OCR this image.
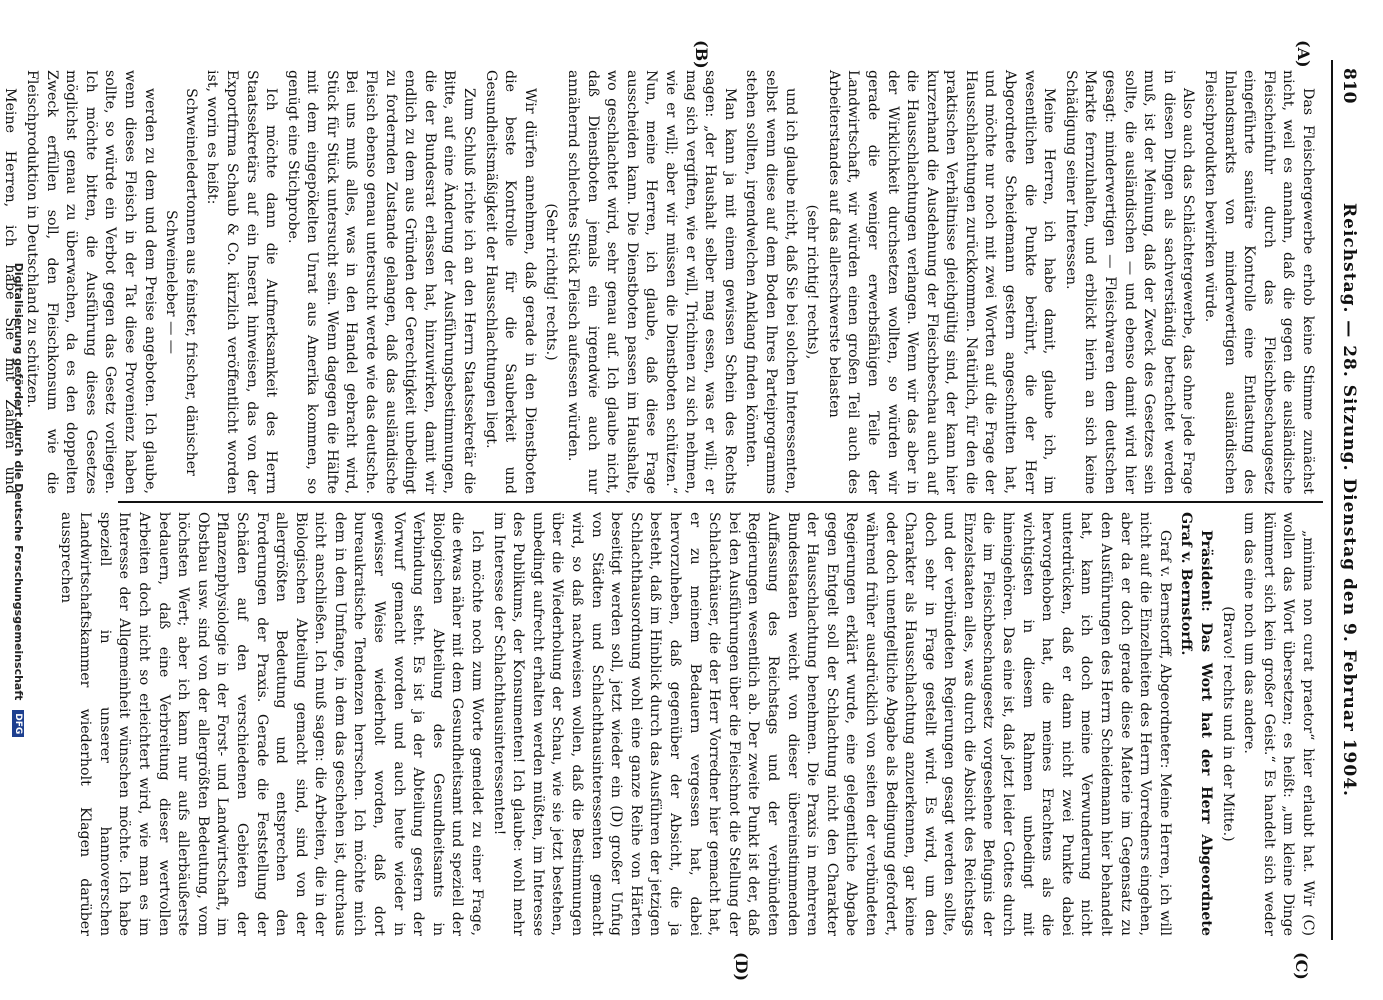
810
Reichstag. — 28. Sitzung. Dienstag den 9. Februar 1904.
(A)
(B)
(C)
(D)

Das Fleischergewerbe erhob keine Stimme zunächst nicht, weil es annahm, daß die gegen die ausländische Fleischeinfuhr durch das Fleischbeschaugesetz eingeführte sanitäre Kontrolle eine Entlastung des Inlandsmarkts von minderwertigen ausländischen Fleischprodukten bewirken würde.

Also auch das Schlächtergewerbe, das ohne jede Frage in diesen Dingen als sachverständig betrachtet werden muß, ist der Meinung, daß der Zweck des Gesetzes sein sollte, die ausländischen — und ebenso damit wird hier gesagt: minderwertigen — Fleischwaren dem deutschen Markte fernzuhalten, und erblickt hierin an sich keine Schädigung seiner Interessen.

Meine Herren, ich habe damit, glaube ich, im wesentlichen die Punkte berührt, die der Herr Abgeordnete Scheidemann gestern angeschnitten hat, und möchte nur noch mit zwei Worten auf die Frage der Hausschlachtungen zurückkommen. Natürlich, für den die praktischen Verhältnisse gleichgültig sind, der kann hier kurzerhand die Ausdehnung der Fleischbeschau auch auf die Hausschlachtungen verlangen. Wenn wir das aber in der Wirklichkeit durchsetzen wollten, so würden wir gerade die weniger erwerbsfähigen Teile der Landwirtschaft, wir würden einen großen Teil auch des Arbeiterstandes auf das allerschwerste belasten

(sehr richtig! rechts),

und ich glaube nicht, daß Sie bei solchen Interessenten, selbst wenn diese auf dem Boden Ihres Parteiprogramms stehen sollten, irgendwelchen Anklang finden könnten.

Man kann ja mit einem gewissen Schein des Rechts sagen: „der Haushalt selber mag essen, was er will; er mag sich vergiften, wie er will, Trichinen zu sich nehmen, wie er will; aber wir müssen die Dienstboten schützen.“ Nun, meine Herren, ich glaube, daß diese Frage ausscheiden kann. Die Dienstboten passen im Haushalte, wo geschlachtet wird, sehr genau auf. Ich glaube nicht, daß Dienstboten jemals ein irgendwie auch nur annähernd schlechtes Stück Fleisch aufessen würden.

(Sehr richtig! rechts.)

Wir dürfen annehmen, daß gerade in den Dienstboten die beste Kontrolle für die Sauberkeit und Gesundheitsmäßigkeit der Hausschlachtungen liegt.

Zum Schluß richte ich an den Herrn Staatssekretär die Bitte, auf eine Änderung der Ausführungsbestimmungen, die der Bundesrat erlassen hat, hinzuwirken, damit wir endlich zu dem aus Gründen der Gerechtigkeit unbedingt zu fordernden Zustande gelangen, daß das ausländische Fleisch ebenso genau untersucht werde wie das deutsche. Bei uns muß alles, was in den Handel gebracht wird, Stück für Stück untersucht sein. Wenn dagegen die Hälfte mit dem eingepökelten Unrat aus Amerika kommen, so genügt eine Stichprobe.

Ich möchte dann die Aufmerksamkeit des Herrn Staatssekretärs auf ein Inserat hinweisen, das von der Exportfirma Schaub & Co. kürzlich veröffentlicht worden ist, worin es heißt:

Schweineledertonnen aus feinster, frischer, dänischer Schweineleber — —

werden zu dem und dem Preise angeboten. Ich glaube, wenn dieses Fleisch in der Tat diese Provenienz haben sollte, so würde ein Verbot gegen das Gesetz vorliegen. Ich möchte bitten, die Ausführung dieses Gesetzes möglichst genau zu überwachen, da es den doppelten Zweck erfüllen soll, den Fleischkonsum wie die Fleischproduktion in Deutschland zu schützen.

Meine Herren, ich habe Sie mit Zahlen und

„minima non curat praetor“ hier erlaubt hat. Wir (C) wollen das Wort übersetzen; es heißt: „um kleine Dinge kümmert sich kein großer Geist.“ Es handelt sich weder um das eine noch um das andere.

(Bravo! rechts und in der Mitte.)

Präsident: Das Wort hat der Herr Abgeordnete Graf v. Bernstorff.

Graf v. Bernstorff, Abgeordneter: Meine Herren, ich will nicht auf die Einzelheiten des Herrn Vorredners eingehen, aber da er doch gerade diese Materie im Gegensatz zu den Ausführungen des Herrn Scheidemann hier behandelt hat, kann ich doch meine Verwunderung nicht unterdrücken, daß er dann nicht zwei Punkte dabei hervorgehoben hat, die meines Erachtens als die wichtigsten in diesem Rahmen unbedingt mit hineingehören. Das eine ist, daß jetzt leider Gottes durch die im Fleischbeschaugesetz vorgesehene Befugnis der Einzelstaaten alles, was durch die Absicht des Reichstags und der verbündeten Regierungen gesagt werden sollte, doch sehr in Frage gestellt wird. Es wird, um den Charakter als Hausschlachtung anzuerkennen, gar keine oder doch unentgeltliche Abgabe als Bedingung gefordert, während früher ausdrücklich von seiten der verbündeten Regierungen erklärt wurde, eine gelegentliche Abgabe gegen Entgelt soll der Schlachtung nicht den Charakter der Hausschlachtung benehmen. Die Praxis in mehreren Bundesstaaten weicht von dieser übereinstimmenden Auffassung des Reichstags und der verbündeten Regierungen wesentlich ab. Der zweite Punkt ist der, daß bei den Ausführungen über die Fleischnot die Stellung der Schlachthäuser, die der Herr Vorredner hier gemacht hat, er zu meinem Bedauern vergessen hat, dabei hervorzuheben, daß gegenüber der Absicht, die ja besteht, daß im Hinblick durch das Ausführen der jetzigen Schlachthausordnung wohl eine ganze Reihe von Härten beseitigt werden soll, jetzt wieder ein (D) großer Unfug von Städten und Schlachthausinteressenten gemacht wird, so daß nachweisen wollen, daß die Bestimmungen über die Wiederholung der Schau, wie sie jetzt bestehen, unbedingt aufrecht erhalten werden müßten, im Interesse des Publikums, der Konsumenten! Ich glaube: wohl mehr im Interesse der Schlachthausinteressenten!

Ich möchte noch zum Worte gemeldet zu einer Frage, die etwas näher mit dem Gesundheitsamt und speziell der Biologischen Abteilung des Gesundheitsamts in Verbindung steht. Es ist ja der Abteilung gestern der Vorwurf gemacht worden und auch heute wieder in gewisser Weise wiederholt worden, daß dort bureaukratische Tendenzen herrschen. Ich möchte mich dem in dem Umfange, in dem das geschehen ist, durchaus nicht anschließen. Ich muß sagen: die Arbeiten, die in der Biologischen Abteilung gemacht sind, sind von der allergrößten Bedeutung und entsprechen den Forderungen der Praxis. Gerade die Feststellung der Schäden auf den verschiedenen Gebieten der Pflanzenphysiologie in der Forst- und Landwirtschaft, im Obstbau usw. sind von der allergrößten Bedeutung, vom höchsten Wert; aber ich kann nur aufs allerbäußerste bedauern, daß eine Verbreitung dieser wertvollen Arbeiten doch nicht so erleichtert wird, wie man es im Interesse der Allgemeinheit wünschen möchte. Ich habe speziell in unserer hannoverschen Landwirtschaftskammer wiederholt Klagen darüber aussprechen

Digitalisierung gefördert durch die Deutsche Forschungsgemeinschaft DFG
